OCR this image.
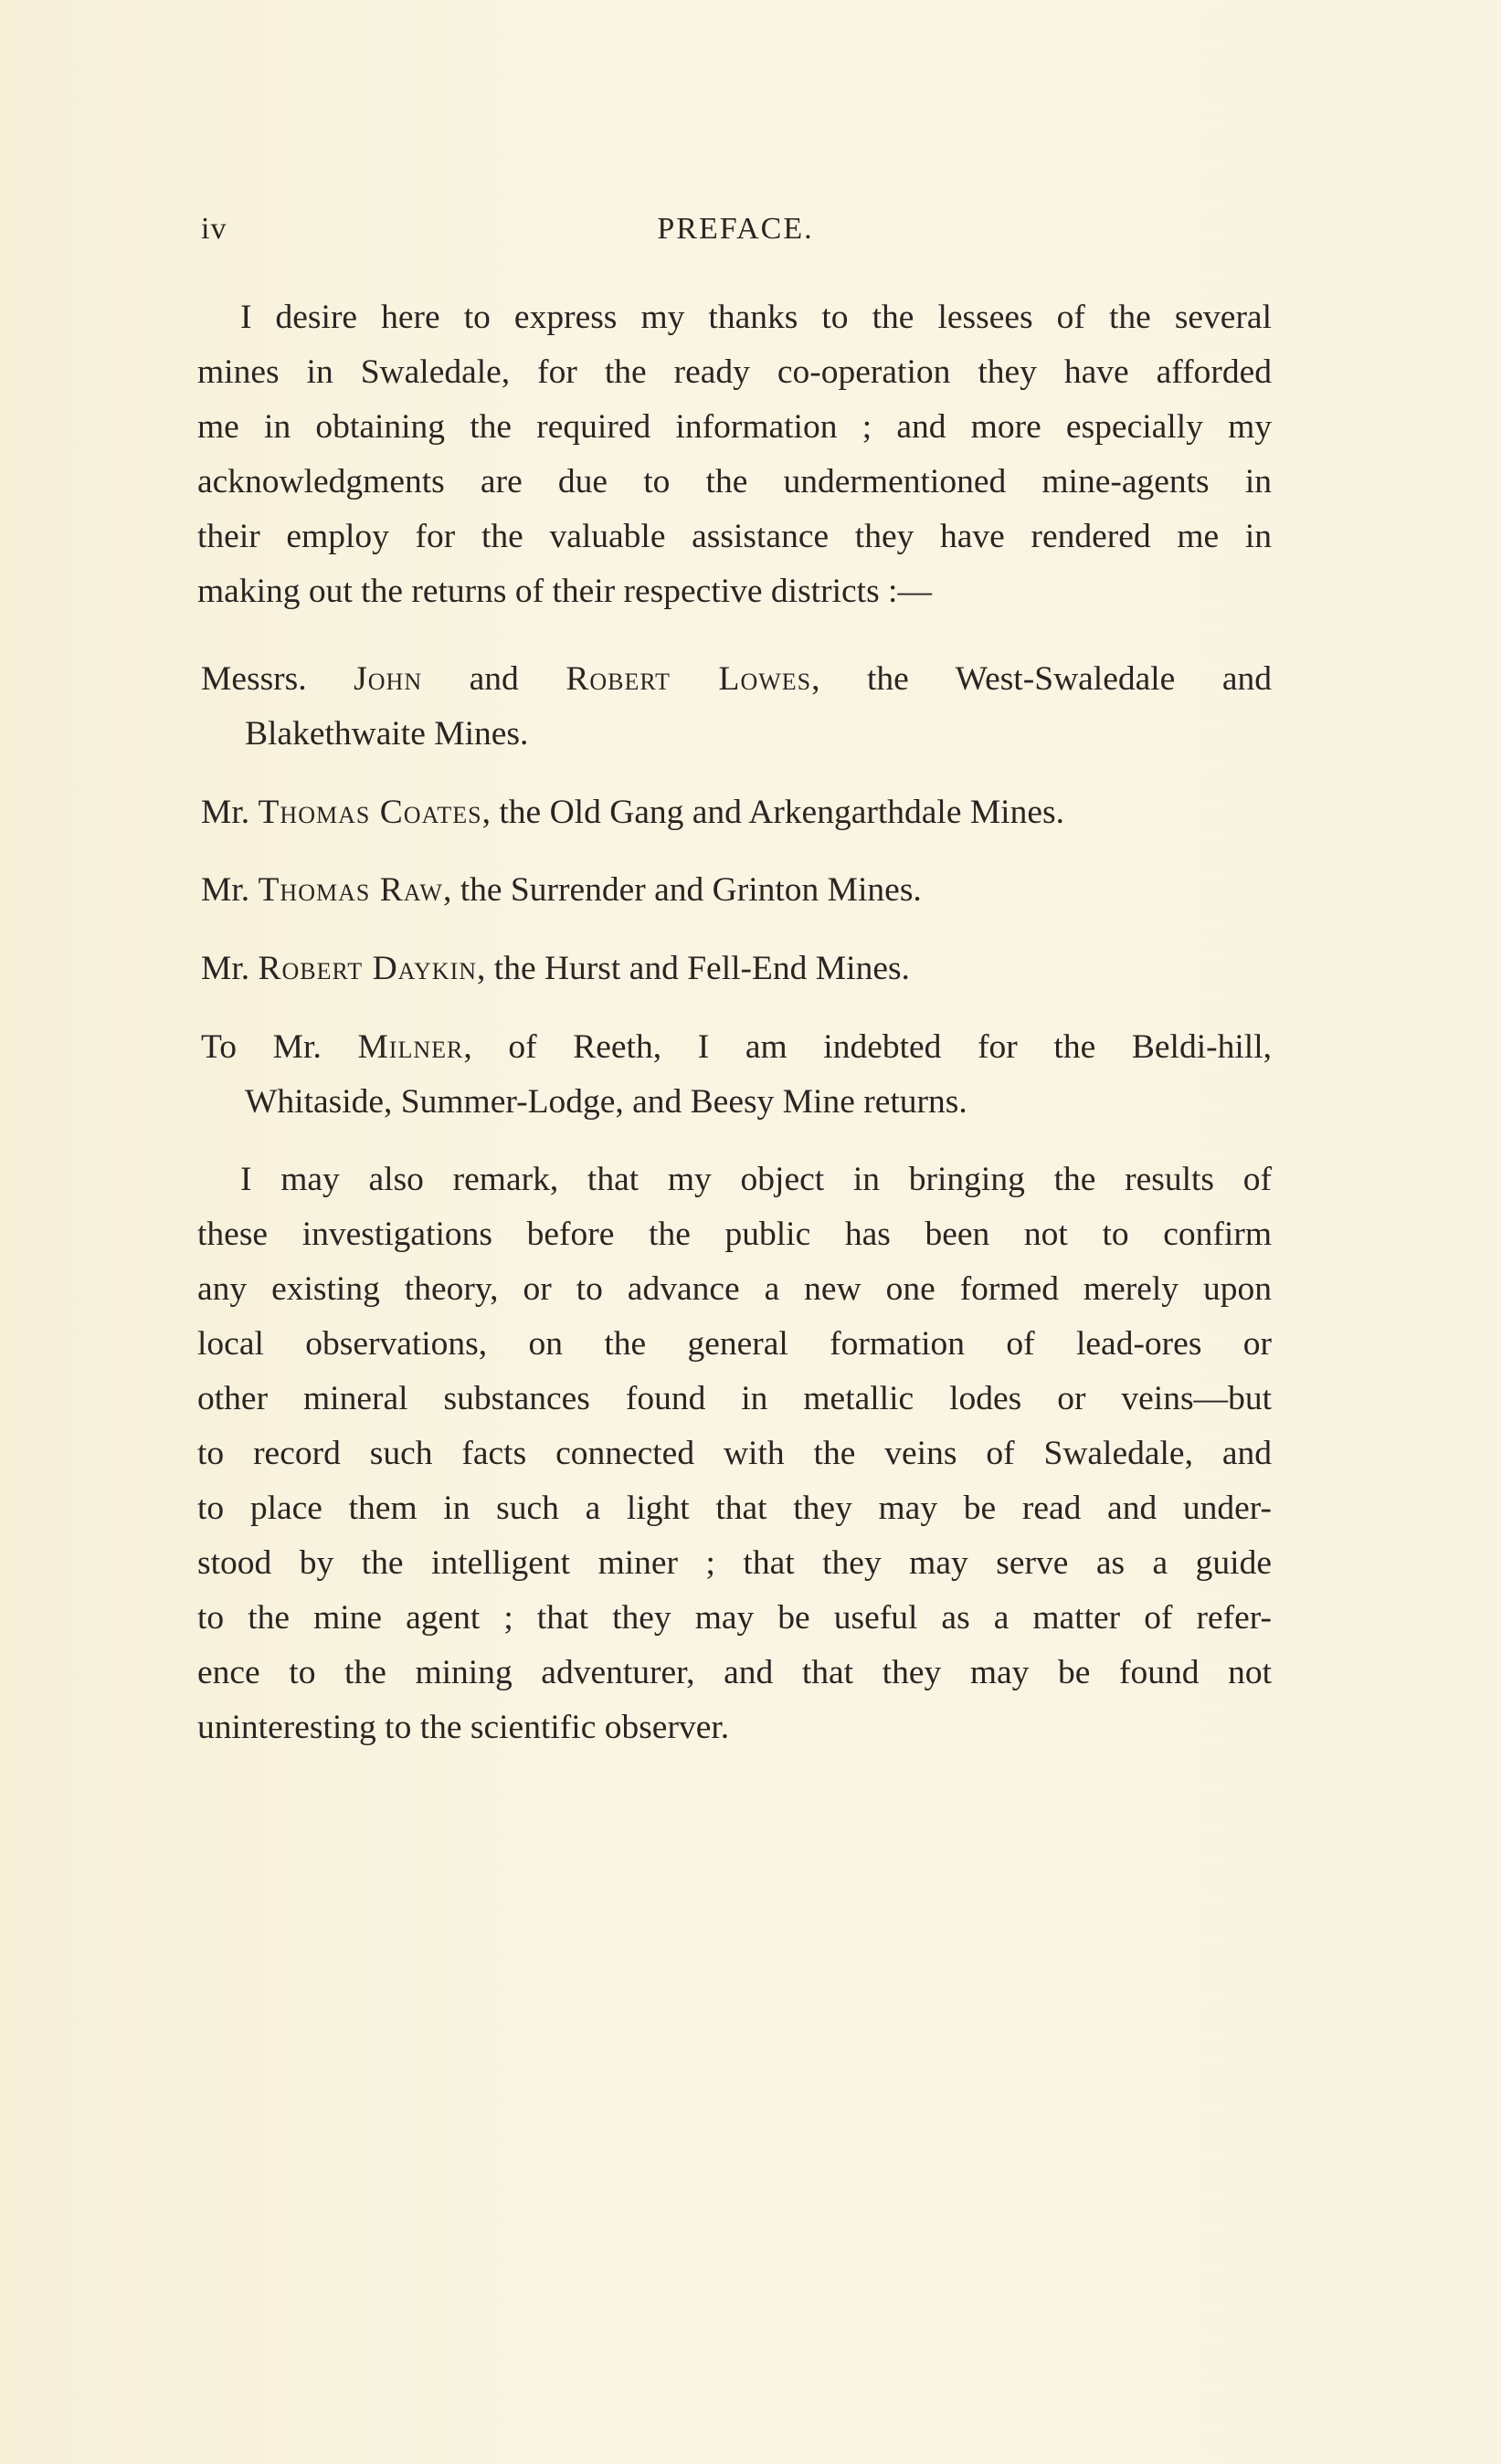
iv	PREFACE.
I desire here to express my thanks to the lessees of the several
mines in Swaledale, for the ready co-operation they have afforded
me in obtaining the required information ; and more especially my
acknowledgments are due to the undermentioned mine-agents in
their employ for the valuable assistance they have rendered me in
making out the returns of their respective districts :—
Messrs. John and Robert Lowes, the West-Swaledale and
Blakethwaite Mines.
Mr. Thomas Coates, the Old Gang and Arkengarthdale Mines.
Mr. Thomas Raw, the Surrender and Grinton Mines.
Mr. Robert Daykin, the Hurst and Fell-End Mines.
To Mr. Milner, of Reeth, I am indebted for the Beldi-hill,
Whitaside, Summer-Lodge, and Beesy Mine returns.
I may also remark, that my object in bringing the results of
these investigations before the public has been not to confirm
any existing theory, or to advance a new one formed merely upon
local observations, on the general formation of lead-ores or
other mineral substances found in metallic lodes or veins—but
to record such facts connected with the veins of Swaledale, and
to place them in such a light that they may be read and under-
stood by the intelligent miner ; that they may serve as a guide
to the mine agent ; that they may be useful as a matter of refer-
ence to the mining adventurer, and that they may be found not
uninteresting to the scientific observer.
